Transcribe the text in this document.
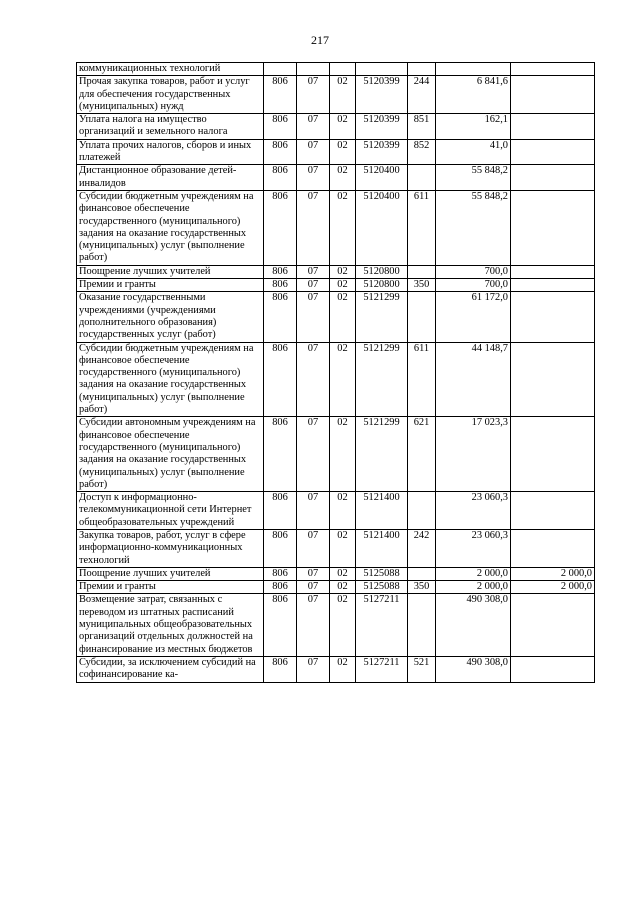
217
коммуникационных технологий							
Прочая закупка товаров, работ и услуг для обеспечения государственных (муниципальных) нужд	806	07	02	5120399	244	6 841,6	
Уплата налога на имущество организаций и земельного налога	806	07	02	5120399	851	162,1	
Уплата прочих налогов, сборов и иных платежей	806	07	02	5120399	852	41,0	
Дистанционное образование детей-инвалидов	806	07	02	5120400		55 848,2	
Субсидии бюджетным учреждениям на финансовое обеспечение государственного (муниципального) задания на оказание государственных (муниципальных) услуг (выполнение работ)	806	07	02	5120400	611	55 848,2	
Поощрение лучших учителей	806	07	02	5120800		700,0	
Премии и гранты	806	07	02	5120800	350	700,0	
Оказание государственными учреждениями (учреждениями дополнительного образования) государственных услуг (работ)	806	07	02	5121299		61 172,0	
Субсидии бюджетным учреждениям на финансовое обеспечение государственного (муниципального) задания на оказание государственных (муниципальных) услуг (выполнение работ)	806	07	02	5121299	611	44 148,7	
Субсидии автономным учреждениям на финансовое обеспечение государственного (муниципального) задания на оказание государственных (муниципальных) услуг (выполнение работ)	806	07	02	5121299	621	17 023,3	
Доступ к информационно-телекоммуникационной сети Интернет общеобразовательных учреждений	806	07	02	5121400		23 060,3	
Закупка товаров, работ, услуг в сфере информационно-коммуникационных технологий	806	07	02	5121400	242	23 060,3	
Поощрение лучших учителей	806	07	02	5125088		2 000,0	2 000,0
Премии и гранты	806	07	02	5125088	350	2 000,0	2 000,0
Возмещение затрат, связанных с переводом из штатных расписаний муниципальных общеобразовательных организаций отдельных должностей на финансирование из местных бюджетов	806	07	02	5127211		490 308,0	
Субсидии, за исключением субсидий на софинансирование ка-	806	07	02	5127211	521	490 308,0	
